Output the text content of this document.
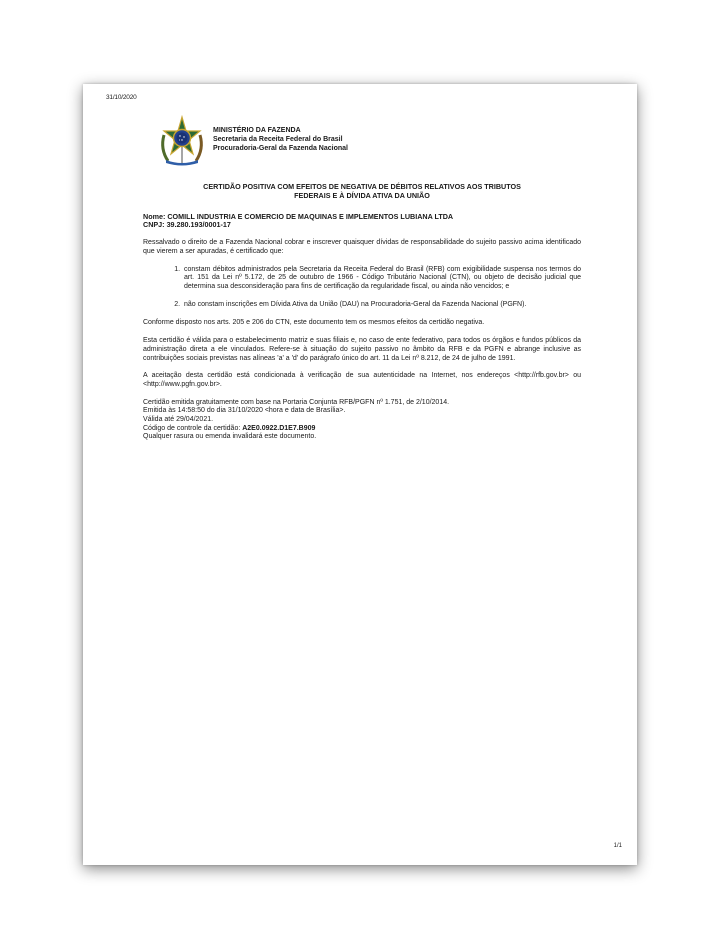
31/10/2020
MINISTÉRIO DA FAZENDA
Secretaria da Receita Federal do Brasil
Procuradoria-Geral da Fazenda Nacional
CERTIDÃO POSITIVA COM EFEITOS DE NEGATIVA DE DÉBITOS RELATIVOS AOS TRIBUTOS
FEDERAIS E À DÍVIDA ATIVA DA UNIÃO
Nome: COMILL INDUSTRIA E COMERCIO DE MAQUINAS E IMPLEMENTOS LUBIANA LTDA
CNPJ: 39.280.193/0001-17
Ressalvado o direito de a Fazenda Nacional cobrar e inscrever quaisquer dívidas de responsabilidade do sujeito passivo acima identificado que vierem a ser apuradas, é certificado que:
1. constam débitos administrados pela Secretaria da Receita Federal do Brasil (RFB) com exigibilidade suspensa nos termos do art. 151 da Lei nº 5.172, de 25 de outubro de 1966 - Código Tributário Nacional (CTN), ou objeto de decisão judicial que determina sua desconsideração para fins de certificação da regularidade fiscal, ou ainda não vencidos; e
2. não constam inscrições em Dívida Ativa da União (DAU) na Procuradoria-Geral da Fazenda Nacional (PGFN).
Conforme disposto nos arts. 205 e 206 do CTN, este documento tem os mesmos efeitos da certidão negativa.
Esta certidão é válida para o estabelecimento matriz e suas filiais e, no caso de ente federativo, para todos os órgãos e fundos públicos da administração direta a ele vinculados. Refere-se à situação do sujeito passivo no âmbito da RFB e da PGFN e abrange inclusive as contribuições sociais previstas nas alíneas 'a' a 'd' do parágrafo único do art. 11 da Lei nº 8.212, de 24 de julho de 1991.
A aceitação desta certidão está condicionada à verificação de sua autenticidade na Internet, nos endereços <http://rfb.gov.br> ou <http://www.pgfn.gov.br>.
Certidão emitida gratuitamente com base na Portaria Conjunta RFB/PGFN nº 1.751, de 2/10/2014.
Emitida às 14:58:50 do dia 31/10/2020 <hora e data de Brasília>.
Válida até 29/04/2021.
Código de controle da certidão: A2E0.0922.D1E7.B909
Qualquer rasura ou emenda invalidará este documento.
1/1
